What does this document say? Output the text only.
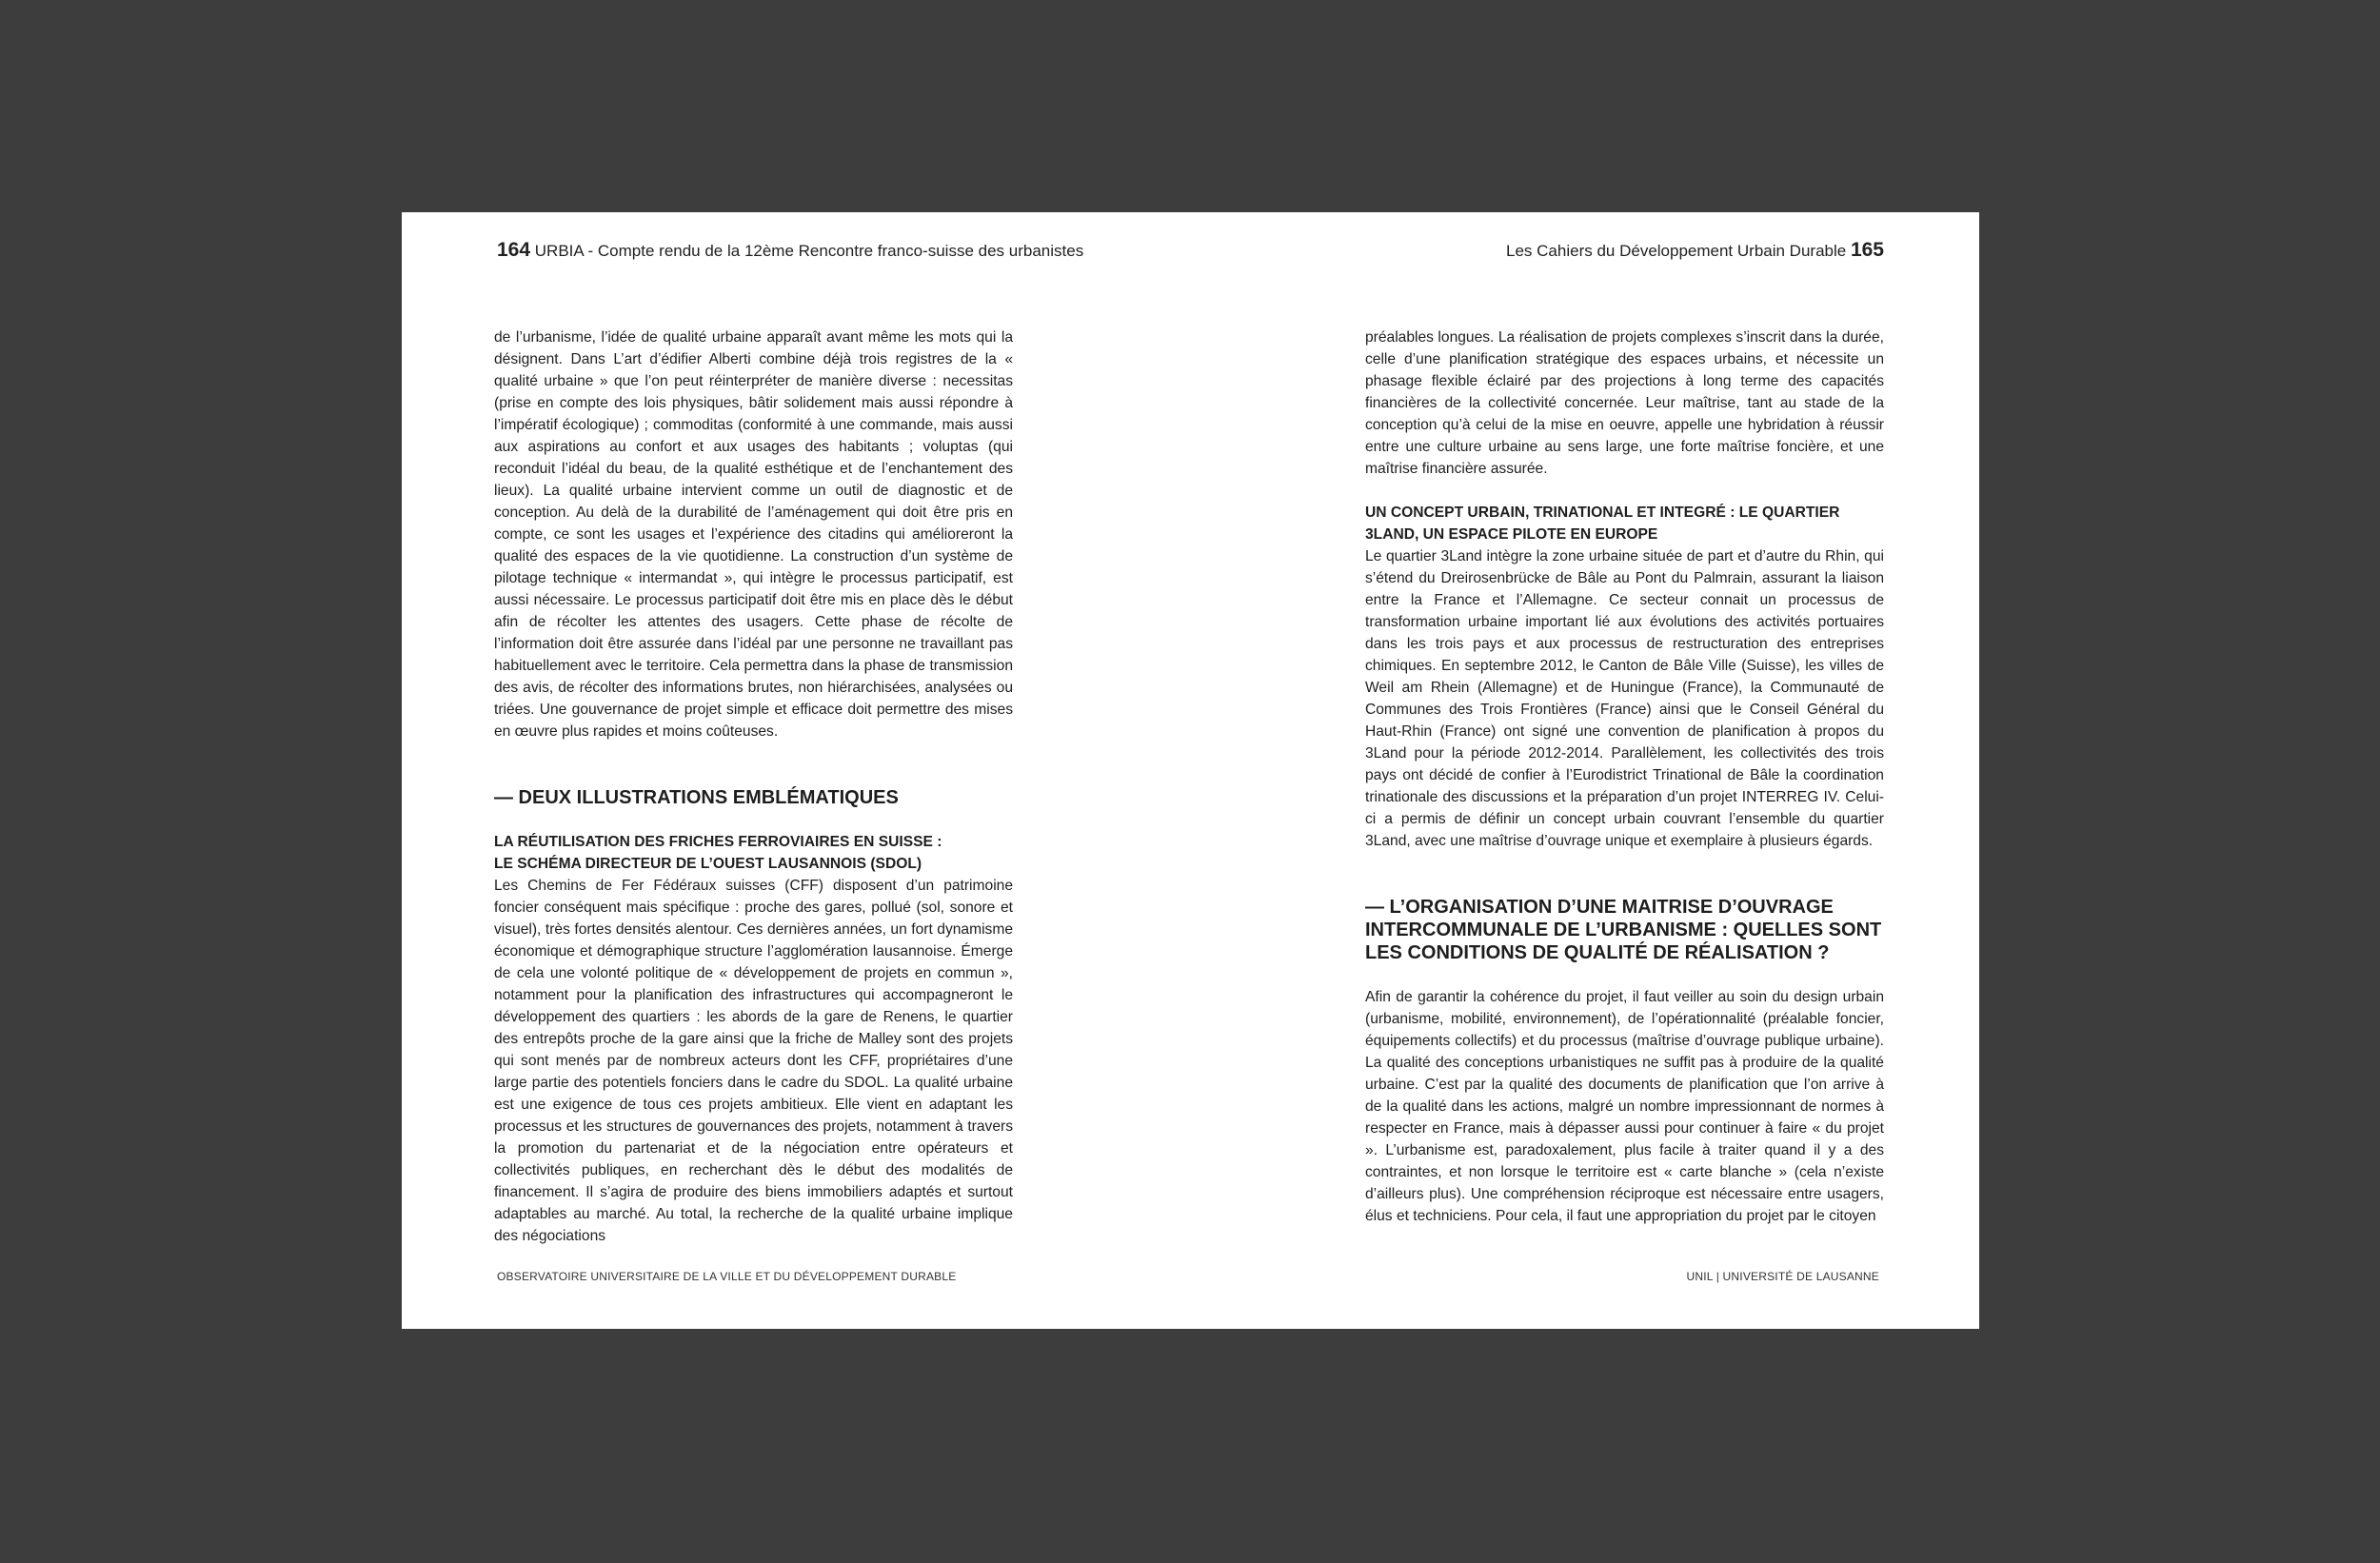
164 URBIA - Compte rendu de la 12ème Rencontre franco-suisse des urbanistes	Les Cahiers du Développement Urbain Durable 165

de l’urbanisme, l’idée de qualité urbaine apparaît avant même les mots qui la désignent. Dans L’art d’édifier Alberti combine déjà trois registres de la « qualité urbaine » que l’on peut réinterpréter de manière diverse : necessitas (prise en compte des lois physiques, bâtir solidement mais aussi répondre à l’impératif écologique) ; commoditas (conformité à une commande, mais aussi aux aspirations au confort et aux usages des habitants ; voluptas (qui reconduit l’idéal du beau, de la qualité esthétique et de l’enchantement des lieux). La qualité urbaine intervient comme un outil de diagnostic et de conception. Au delà de la durabilité de l’aménagement qui doit être pris en compte, ce sont les usages et l’expérience des citadins qui amélioreront la qualité des espaces de la vie quotidienne. La construction d’un système de pilotage technique « intermandat », qui intègre le processus participatif, est aussi nécessaire. Le processus participatif doit être mis en place dès le début afin de récolter les attentes des usagers. Cette phase de récolte de l’information doit être assurée dans l’idéal par une personne ne travaillant pas habituellement avec le territoire. Cela permettra dans la phase de transmission des avis, de récolter des informations brutes, non hiérarchisées, analysées ou triées. Une gouvernance de projet simple et efficace doit permettre des mises en œuvre plus rapides et moins coûteuses.

— DEUX ILLUSTRATIONS EMBLÉMATIQUES
LA RÉUTILISATION DES FRICHES FERROVIAIRES EN SUISSE :
LE SCHÉMA DIRECTEUR DE L’OUEST LAUSANNOIS (SDOL)

Les Chemins de Fer Fédéraux suisses (CFF) disposent d’un patrimoine foncier conséquent mais spécifique : proche des gares, pollué (sol, sonore et visuel), très fortes densités alentour. Ces dernières années, un fort dynamisme économique et démographique structure l’agglomération lausannoise. Émerge de cela une volonté politique de « développement de projets en commun », notamment pour la planification des infrastructures qui accompagneront le développement des quartiers : les abords de la gare de Renens, le quartier des entrepôts proche de la gare ainsi que la friche de Malley sont des projets qui sont menés par de nombreux acteurs dont les CFF, propriétaires d’une large partie des potentiels fonciers dans le cadre du SDOL. La qualité urbaine est une exigence de tous ces projets ambitieux. Elle vient en adaptant les processus et les structures de gouvernances des projets, notamment à travers la promotion du partenariat et de la négociation entre opérateurs et collectivités publiques, en recherchant dès le début des modalités de financement. Il s’agira de produire des biens immobiliers adaptés et surtout adaptables au marché. Au total, la recherche de la qualité urbaine implique des négociations

préalables longues. La réalisation de projets complexes s’inscrit dans la durée, celle d’une planification stratégique des espaces urbains, et nécessite un phasage flexible éclairé par des projections à long terme des capacités financières de la collectivité concernée. Leur maîtrise, tant au stade de la conception qu’à celui de la mise en oeuvre, appelle une hybridation à réussir entre une culture urbaine au sens large, une forte maîtrise foncière, et une maîtrise financière assurée.

UN CONCEPT URBAIN, TRINATIONAL ET INTEGRÉ : LE QUARTIER
3LAND, UN ESPACE PILOTE EN EUROPE

Le quartier 3Land intègre la zone urbaine située de part et d’autre du Rhin, qui s’étend du Dreirosenbrücke de Bâle au Pont du Palmrain, assurant la liaison entre la France et l’Allemagne. Ce secteur connait un processus de transformation urbaine important lié aux évolutions des activités portuaires dans les trois pays et aux processus de restructuration des entreprises chimiques. En septembre 2012, le Canton de Bâle Ville (Suisse), les villes de Weil am Rhein (Allemagne) et de Huningue (France), la Communauté de Communes des Trois Frontières (France) ainsi que le Conseil Général du Haut-Rhin (France) ont signé une convention de planification à propos du 3Land pour la période 2012-2014. Parallèlement, les collectivités des trois pays ont décidé de confier à l’Eurodistrict Trinational de Bâle la coordination trinationale des discussions et la préparation d’un projet INTERREG IV. Celui-ci a permis de définir un concept urbain couvrant l’ensemble du quartier 3Land, avec une maîtrise d’ouvrage unique et exemplaire à plusieurs égards.

— L’ORGANISATION D’UNE MAITRISE D’OUVRAGE
INTERCOMMUNALE DE L’URBANISME : QUELLES SONT
LES CONDITIONS DE QUALITÉ DE RÉALISATION ?

Afin de garantir la cohérence du projet, il faut veiller au soin du design urbain (urbanisme, mobilité, environnement), de l’opérationnalité (préalable foncier, équipements collectifs) et du processus (maîtrise d’ouvrage publique urbaine). La qualité des conceptions urbanistiques ne suffit pas à produire de la qualité urbaine. C’est par la qualité des documents de planification que l’on arrive à de la qualité dans les actions, malgré un nombre impressionnant de normes à respecter en France, mais à dépasser aussi pour continuer à faire « du projet ». L’urbanisme est, paradoxalement, plus facile à traiter quand il y a des contraintes, et non lorsque le territoire est « carte blanche » (cela n’existe d’ailleurs plus). Une compréhension réciproque est nécessaire entre usagers, élus et techniciens. Pour cela, il faut une appropriation du projet par le citoyen

OBSERVATOIRE UNIVERSITAIRE DE LA VILLE ET DU DÉVELOPPEMENT DURABLE	UNIL | UNIVERSITÉ DE LAUSANNE
